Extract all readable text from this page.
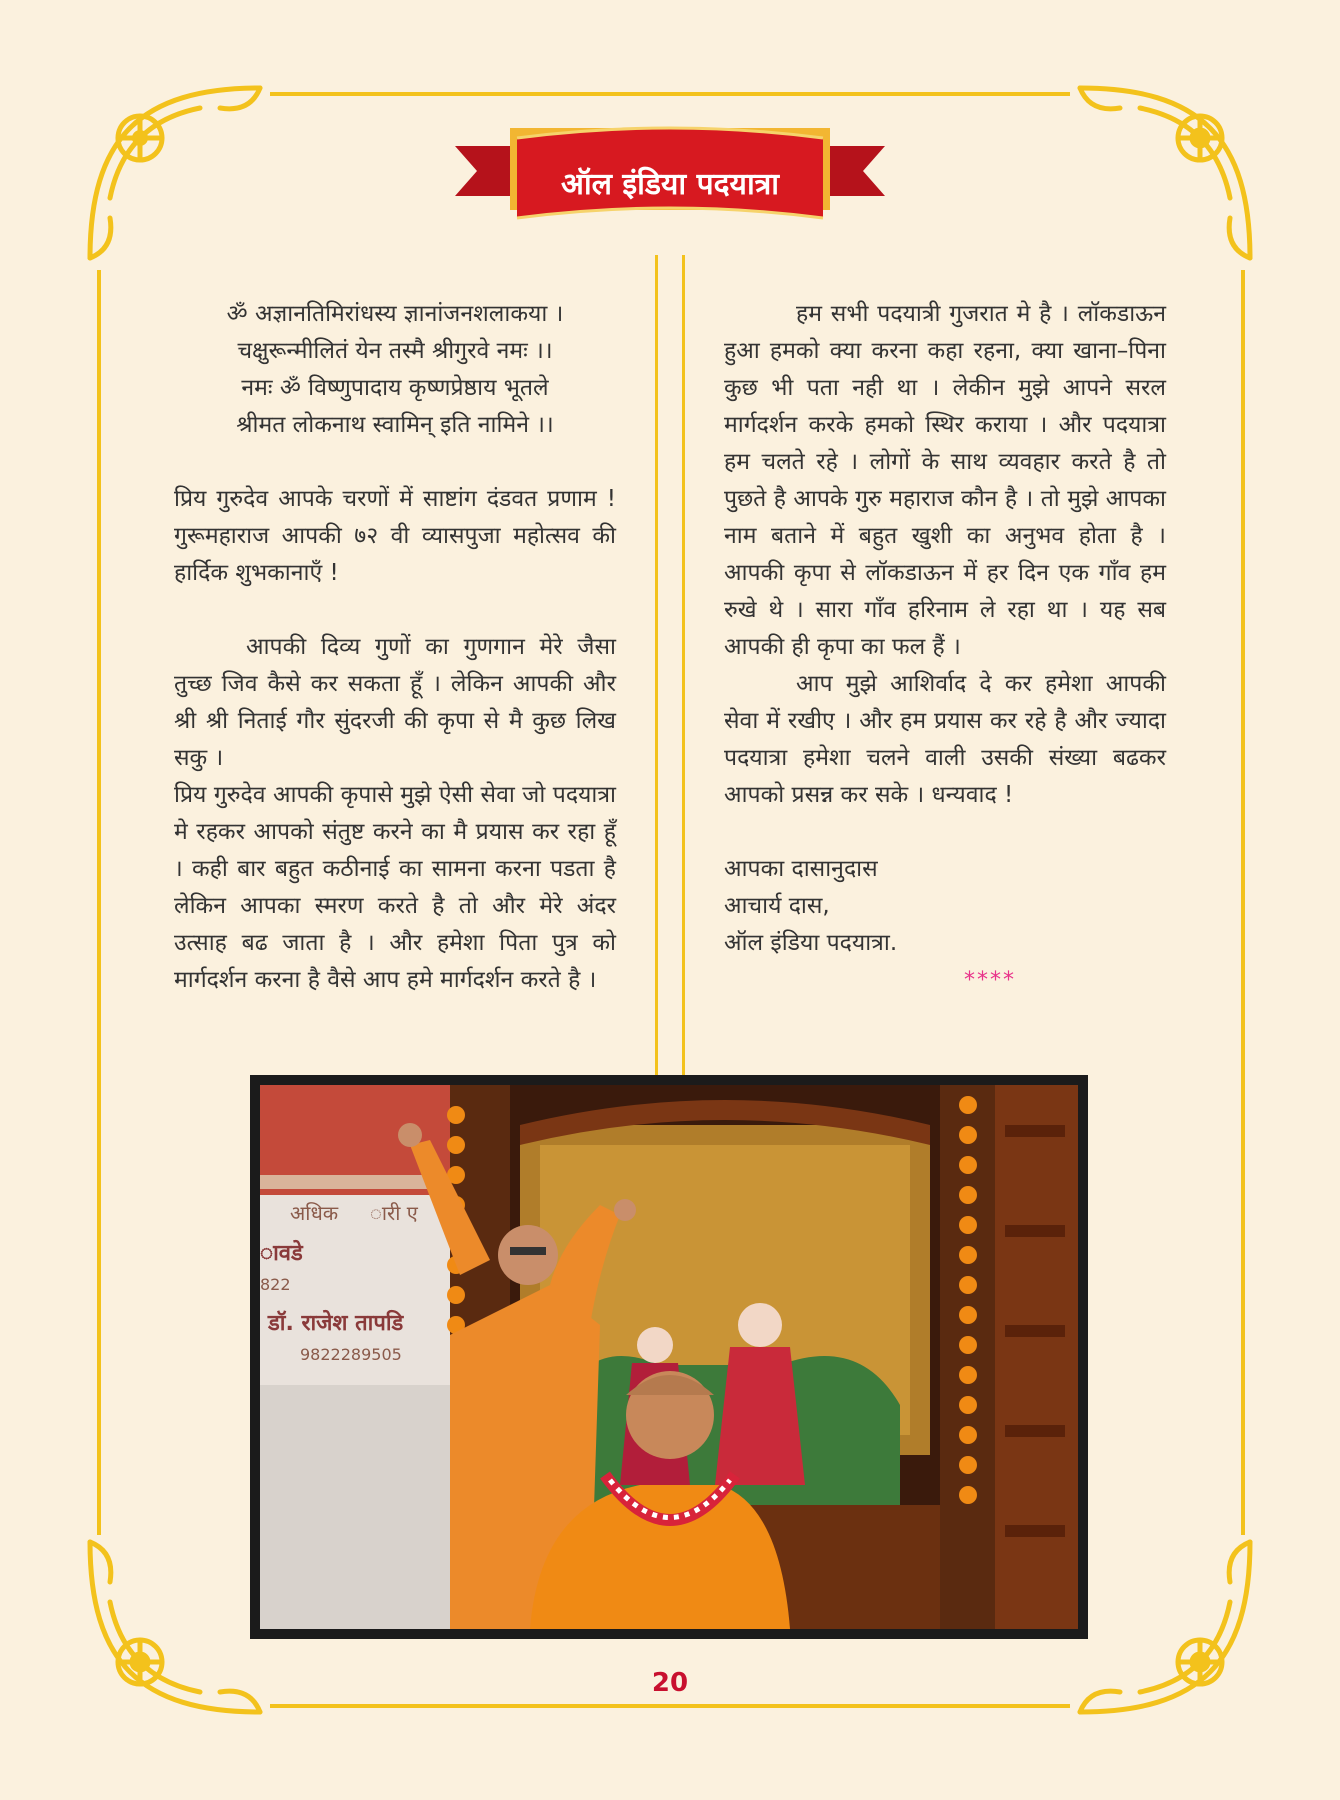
ऑल इंडिया पदयात्रा

ॐ अज्ञानतिमिरांधस्य ज्ञानांजनशलाकया ।

चक्षुरून्मीलितं येन तस्मै श्रीगुरवे नमः ।।

नमः ॐ विष्णुपादाय कृष्णप्रेष्ठाय भूतले

श्रीमत लोकनाथ स्वामिन् इति नामिने ।।

प्रिय गुरुदेव आपके चरणों में साष्टांग दंडवत प्रणाम ! गुरूमहाराज आपकी ७२ वी व्यासपुजा महोत्सव की हार्दिक शुभकानाएँ !

आपकी दिव्य गुणों का गुणगान मेरे जैसा तुच्छ जिव कैसे कर सकता हूँ । लेकिन आपकी और श्री श्री निताई गौर सुंदरजी की कृपा से मै कुछ लिख सकु ।

प्रिय गुरुदेव आपकी कृपासे मुझे ऐसी सेवा जो पदयात्रा मे रहकर आपको संतुष्ट करने का मै प्रयास कर रहा हूँ । कही बार बहुत कठीनाई का सामना करना पडता है लेकिन आपका स्मरण करते है तो और मेरे अंदर उत्साह बढ जाता है । और हमेशा पिता पुत्र को मार्गदर्शन करना है वैसे आप हमे मार्गदर्शन करते है ।

हम सभी पदयात्री गुजरात मे है । लॉकडाऊन हुआ हमको क्या करना कहा रहना, क्या खाना–पिना कुछ भी पता नही था । लेकीन मुझे आपने सरल मार्गदर्शन करके हमको स्थिर कराया । और पदयात्रा हम चलते रहे । लोगों के साथ व्यवहार करते है तो पुछते है आपके गुरु महाराज कौन है । तो मुझे आपका नाम बताने में बहुत खुशी का अनुभव होता है । आपकी कृपा से लॉकडाऊन में हर दिन एक गाँव हम रुखे थे । सारा गाँव हरिनाम ले रहा था । यह सब आपकी ही कृपा का फल हैं ।

आप मुझे आशिर्वाद दे कर हमेशा आपकी सेवा में रखीए । और हम प्रयास कर रहे है और ज्यादा पदयात्रा हमेशा चलने वाली उसकी संख्या बढकर आपको प्रसन्न कर सके । धन्यवाद !

आपका दासानुदास

आचार्य दास,

ऑल इंडिया पदयात्रा.

****
अधिक ारी ए
ावडे
822
डॉ. राजेश तापडि
9822289505
20
